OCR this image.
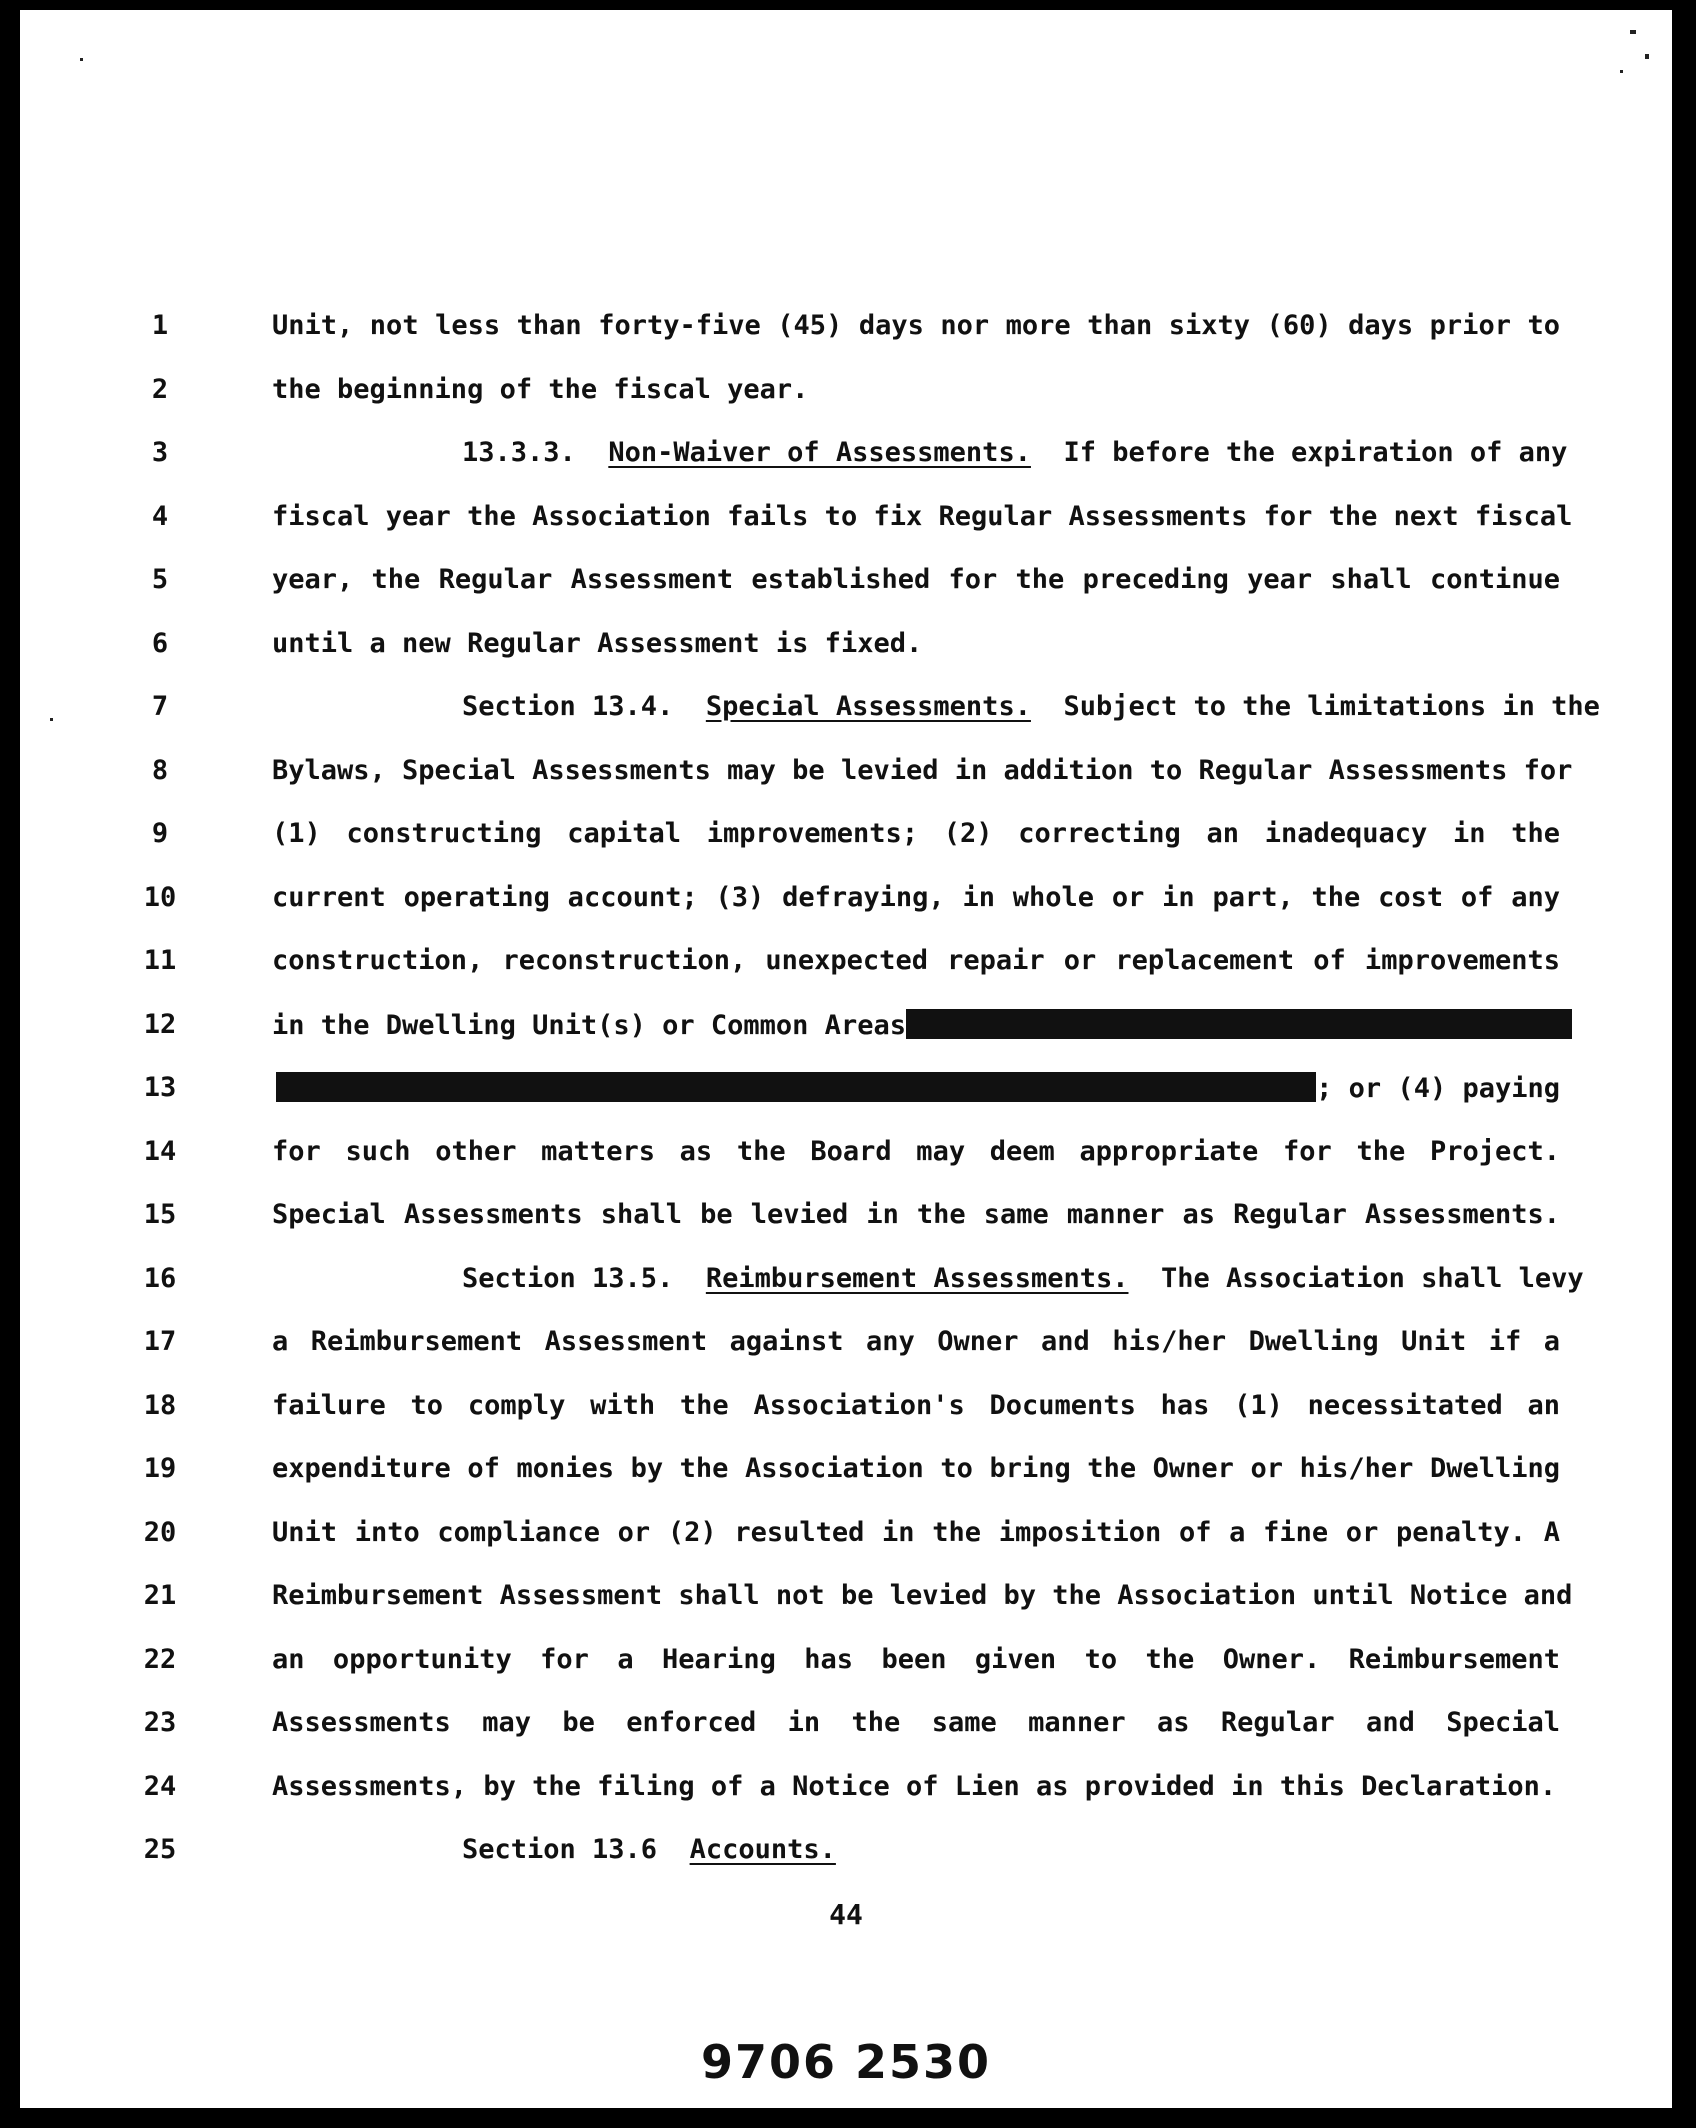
1	Unit, not less than forty-five (45) days nor more than sixty (60) days prior to
2	the beginning of the fiscal year.
3	13.3.3. Non-Waiver of Assessments. If before the expiration of any
4	fiscal year the Association fails to fix Regular Assessments for the next fiscal
5	year, the Regular Assessment established for the preceding year shall continue
6	until a new Regular Assessment is fixed.
7	Section 13.4. Special Assessments. Subject to the limitations in the
8	Bylaws, Special Assessments may be levied in addition to Regular Assessments for
9	(1) constructing capital improvements; (2) correcting an inadequacy in the
10	current operating account; (3) defraying, in whole or in part, the cost of any
11	construction, reconstruction, unexpected repair or replacement of improvements
12	in the Dwelling Unit(s) or Common Areas
13	; or (4) paying
14	for such other matters as the Board may deem appropriate for the Project.
15	Special Assessments shall be levied in the same manner as Regular Assessments.
16	Section 13.5. Reimbursement Assessments. The Association shall levy
17	a Reimbursement Assessment against any Owner and his/her Dwelling Unit if a
18	failure to comply with the Association's Documents has (1) necessitated an
19	expenditure of monies by the Association to bring the Owner or his/her Dwelling
20	Unit into compliance or (2) resulted in the imposition of a fine or penalty. A
21	Reimbursement Assessment shall not be levied by the Association until Notice and
22	an opportunity for a Hearing has been given to the Owner. Reimbursement
23	Assessments may be enforced in the same manner as Regular and Special
24	Assessments, by the filing of a Notice of Lien as provided in this Declaration.
25	Section 13.6 Accounts.
44
9706 2530
